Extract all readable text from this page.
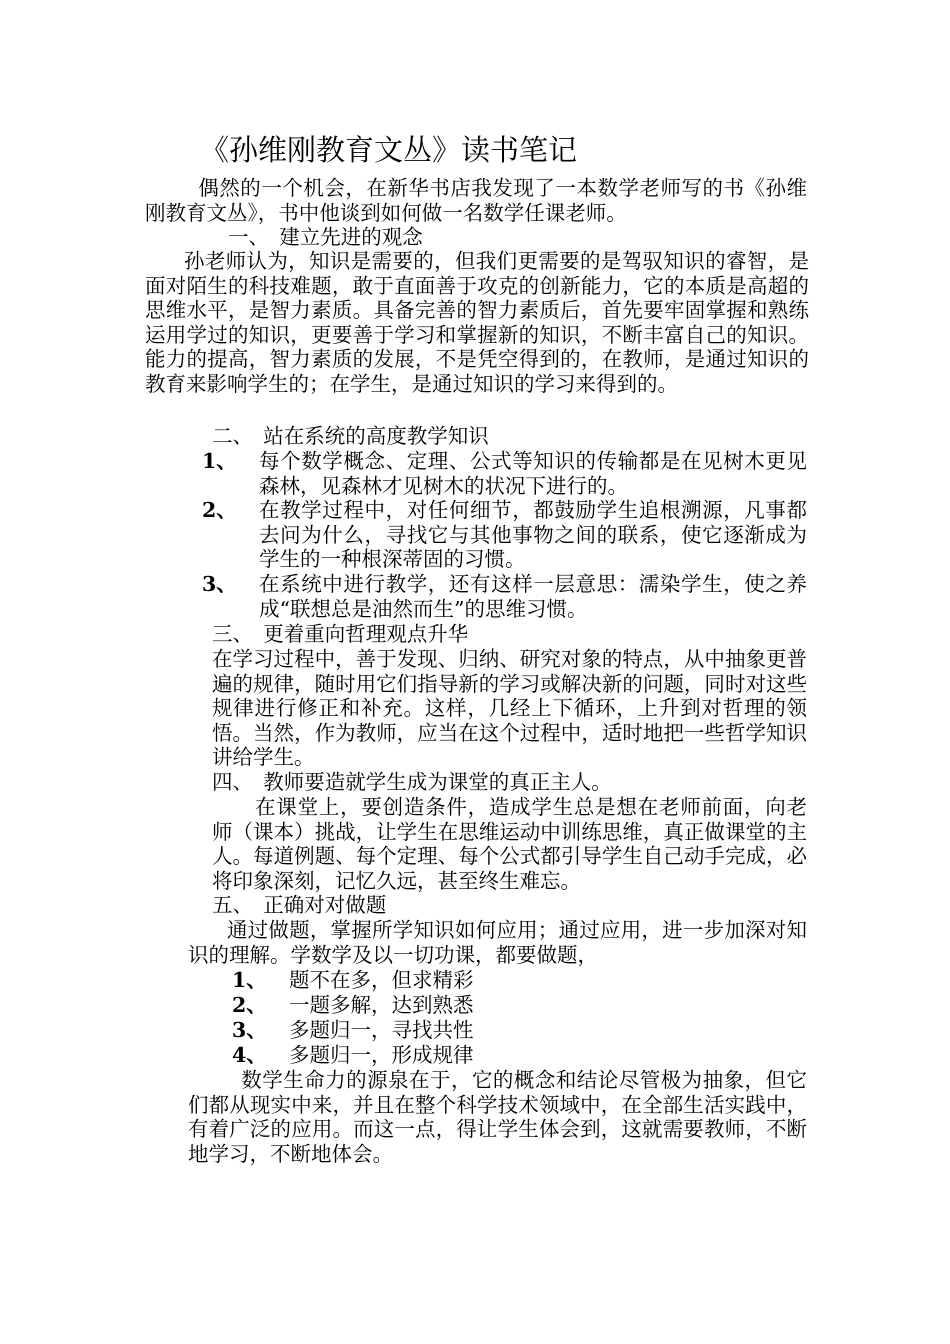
《孙维刚教育文丛》读书笔记
偶然的一个机会，在新华书店我发现了一本数学老师写的书《孙维刚教育文丛》，书中他谈到如何做一名数学任课老师。
一、　建立先进的观念
孙老师认为，知识是需要的，但我们更需要的是驾驭知识的睿智，是面对陌生的科技难题，敢于直面善于攻克的创新能力，它的本质是高超的思维水平，是智力素质。具备完善的智力素质后，首先要牢固掌握和熟练运用学过的知识，更要善于学习和掌握新的知识，不断丰富自己的知识。能力的提高，智力素质的发展，不是凭空得到的，在教师，是通过知识的教育来影响学生的；在学生，是通过知识的学习来得到的。
二、　站在系统的高度教学知识
1、 每个数学概念、定理、公式等知识的传输都是在见树木更见森林，见森林才见树木的状况下进行的。
2、 在教学过程中，对任何细节，都鼓励学生追根溯源，凡事都去问为什么，寻找它与其他事物之间的联系，使它逐渐成为学生的一种根深蒂固的习惯。
3、 在系统中进行教学，还有这样一层意思：濡染学生，使之养成“联想总是油然而生”的思维习惯。
三、　更着重向哲理观点升华
在学习过程中，善于发现、归纳、研究对象的特点，从中抽象更普遍的规律，随时用它们指导新的学习或解决新的问题，同时对这些规律进行修正和补充。这样，几经上下循环，上升到对哲理的领悟。当然，作为教师，应当在这个过程中，适时地把一些哲学知识讲给学生。
四、　教师要造就学生成为课堂的真正主人。
在课堂上，要创造条件，造成学生总是想在老师前面，向老师（课本）挑战，让学生在思维运动中训练思维，真正做课堂的主人。每道例题、每个定理、每个公式都引导学生自己动手完成，必将印象深刻，记忆久远，甚至终生难忘。
五、　正确对对做题
通过做题，掌握所学知识如何应用；通过应用，进一步加深对知识的理解。学数学及以一切功课，都要做题，
1、 题不在多，但求精彩
2、 一题多解，达到熟悉
3、 多题归一，寻找共性
4、 多题归一，形成规律
数学生命力的源泉在于，它的概念和结论尽管极为抽象，但它们都从现实中来，并且在整个科学技术领域中，在全部生活实践中，有着广泛的应用。而这一点，得让学生体会到，这就需要教师，不断地学习，不断地体会。
